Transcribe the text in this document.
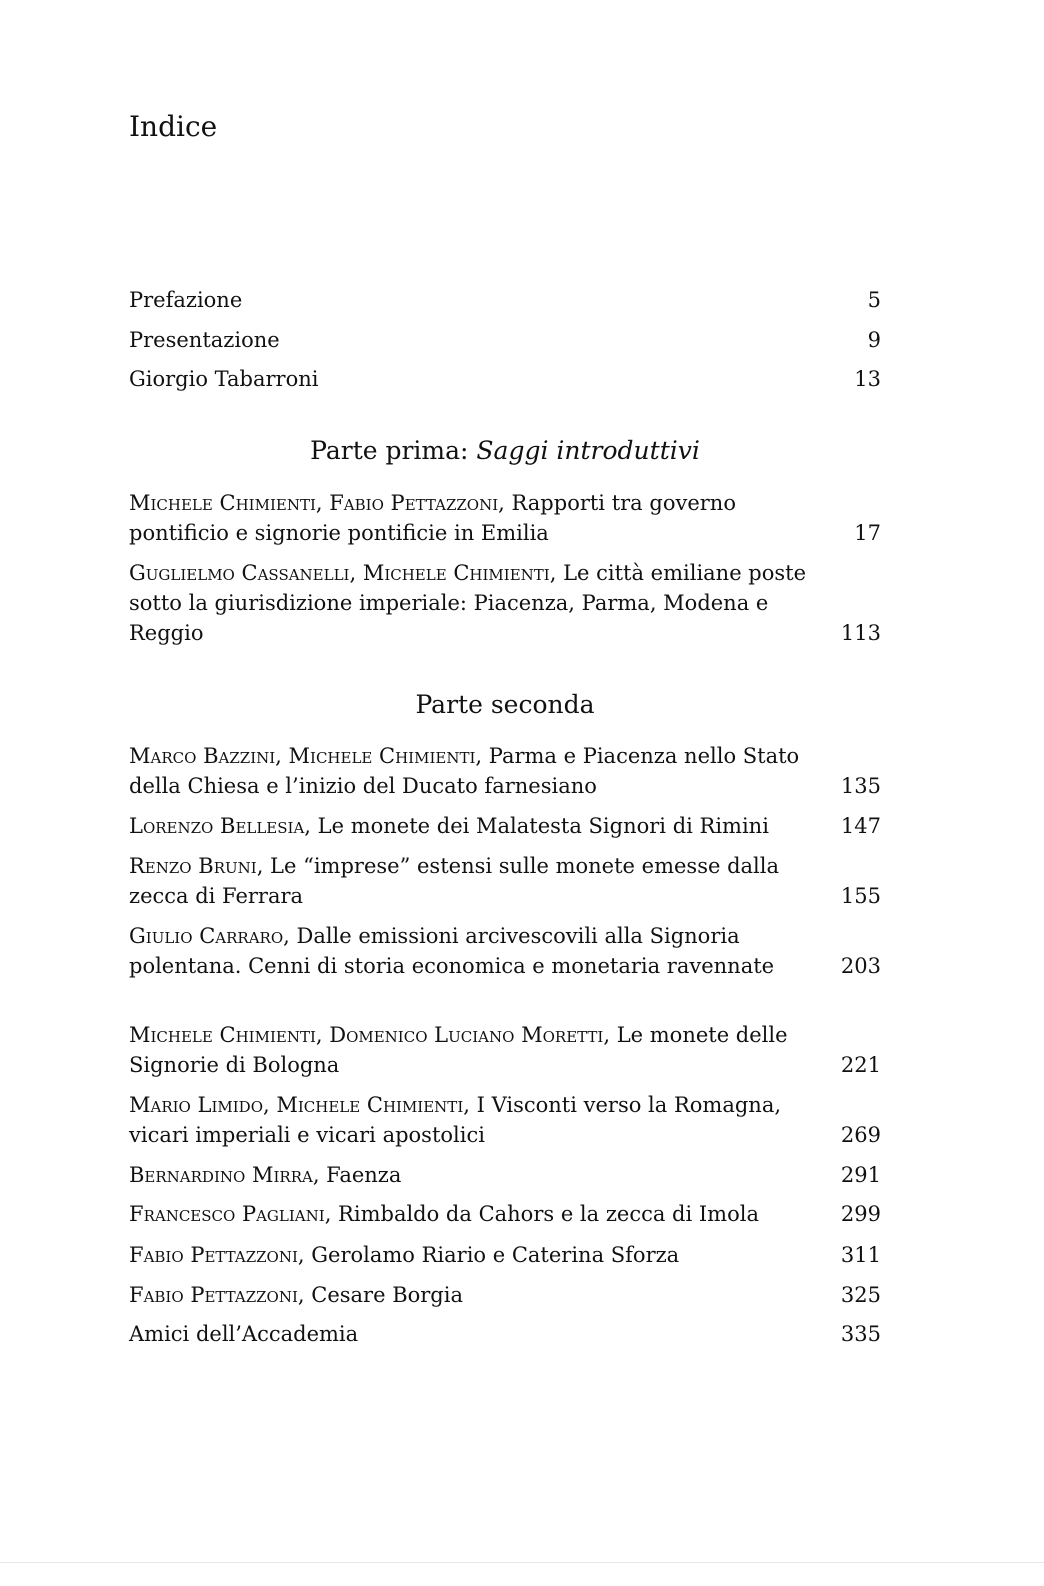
Indice
Prefazione	5
Presentazione	9
Giorgio Tabarroni	13
Parte prima: Saggi introduttivi
Michele Chimienti, Fabio Pettazzoni, Rapporti tra governo pontificio e signorie pontificie in Emilia	17
Guglielmo Cassanelli, Michele Chimienti, Le città emiliane poste sotto la giurisdizione imperiale: Piacenza, Parma, Modena e Reggio	113
Parte seconda
Marco Bazzini, Michele Chimienti, Parma e Piacenza nello Stato della Chiesa e l’inizio del Ducato farnesiano	135
Lorenzo Bellesia, Le monete dei Malatesta Signori di Rimini	147
Renzo Bruni, Le “imprese” estensi sulle monete emesse dalla zecca di Ferrara	155
Giulio Carraro, Dalle emissioni arcivescovili alla Signoria polentana. Cenni di storia economica e monetaria ravennate	203
Michele Chimienti, Domenico Luciano Moretti, Le monete delle Signorie di Bologna	221
Mario Limido, Michele Chimienti, I Visconti verso la Romagna, vicari imperiali e vicari apostolici	269
Bernardino Mirra, Faenza	291
Francesco Pagliani, Rimbaldo da Cahors e la zecca di Imola	299
Fabio Pettazzoni, Gerolamo Riario e Caterina Sforza	311
Fabio Pettazzoni, Cesare Borgia	325
Amici dell’Accademia	335
